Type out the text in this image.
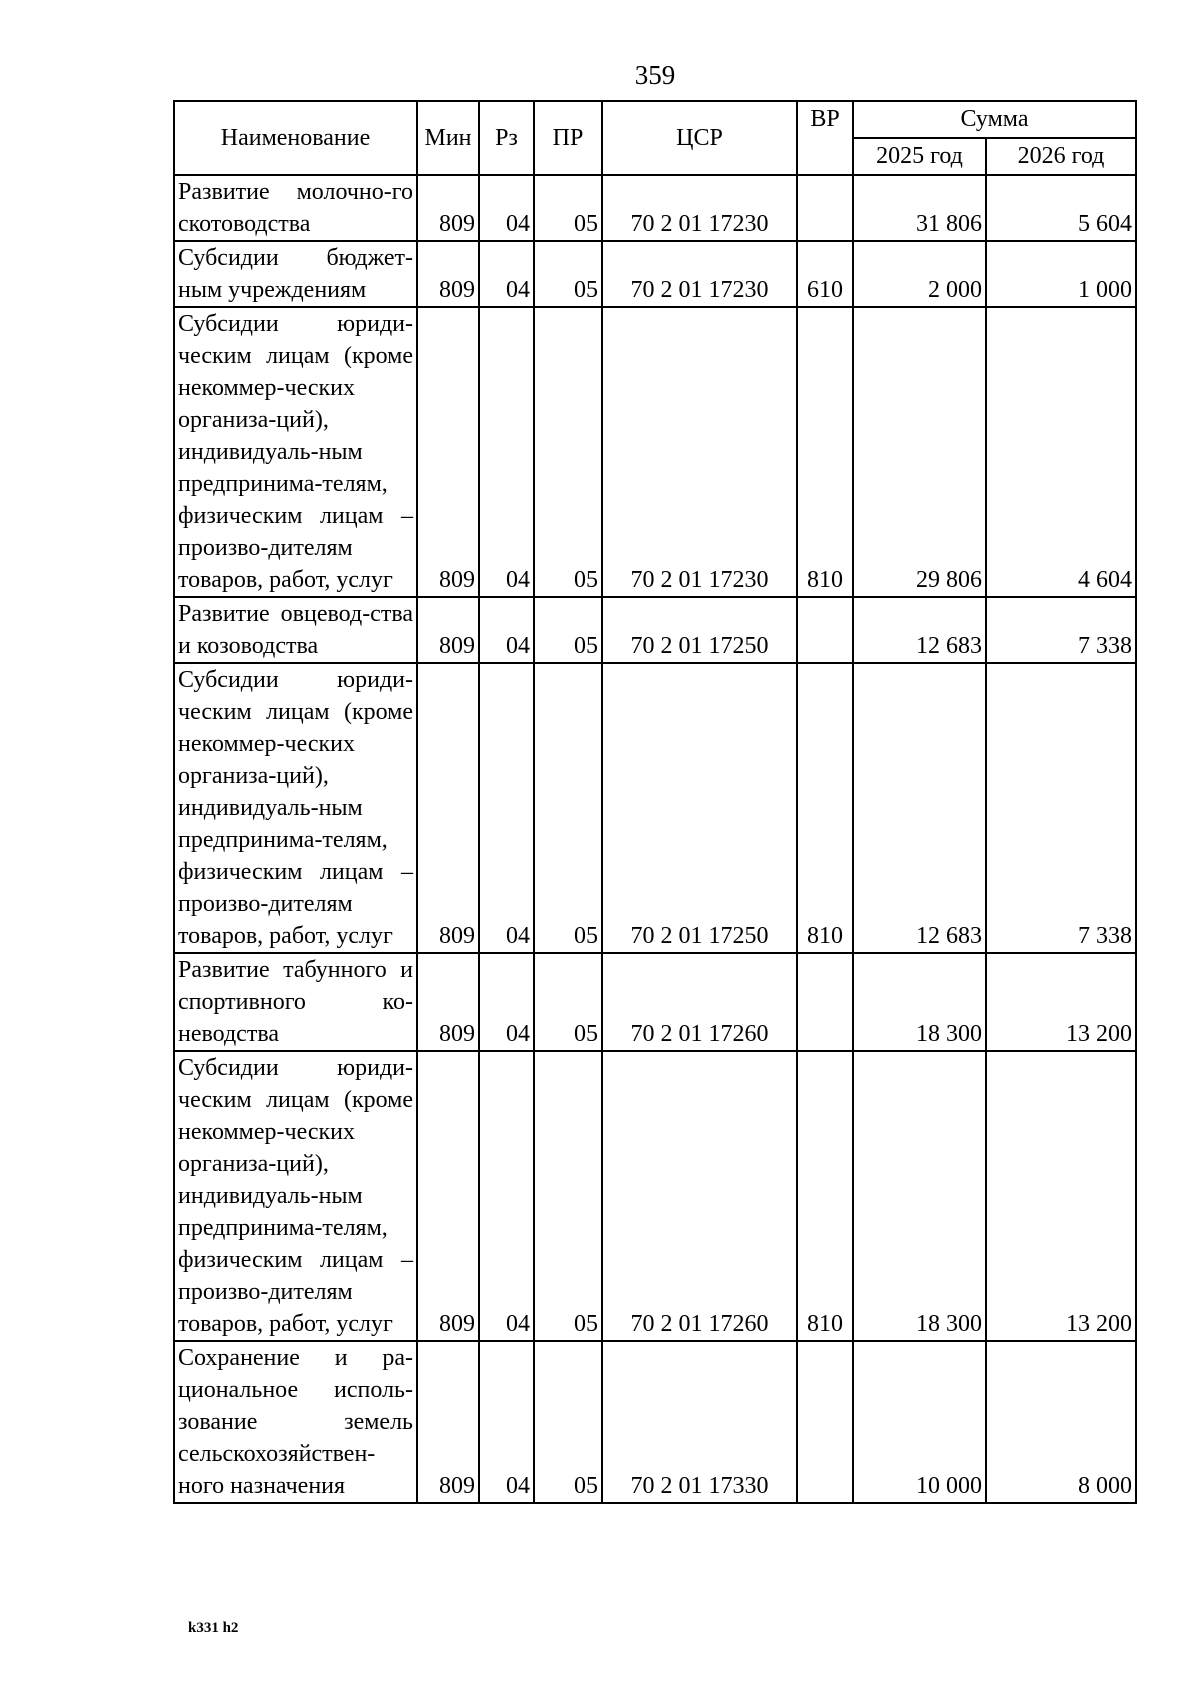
359
Наименование	Мин	Рз	ПР	ЦСР	ВР	Сумма	
						2025 год	2026 год
Развитие молочно-го скотоводства	809	04	05	70 2 01 17230		31 806	5 604
Субсидии бюджет-ным учреждениям	809	04	05	70 2 01 17230	610	2 000	1 000
Субсидии юриди-ческим лицам (кроме некоммер-ческих организа-ций), индивидуаль-ным предпринима-телям, физическим лицам – произво-дителям товаров, работ, услуг	809	04	05	70 2 01 17230	810	29 806	4 604
Развитие овцевод-ства и козоводства	809	04	05	70 2 01 17250		12 683	7 338
Субсидии юриди-ческим лицам (кроме некоммер-ческих организа-ций), индивидуаль-ным предпринима-телям, физическим лицам – произво-дителям товаров, работ, услуг	809	04	05	70 2 01 17250	810	12 683	7 338
Развитие табунного и спортивного ко-неводства	809	04	05	70 2 01 17260		18 300	13 200
Субсидии юриди-ческим лицам (кроме некоммер-ческих организа-ций), индивидуаль-ным предпринима-телям, физическим лицам – произво-дителям товаров, работ, услуг	809	04	05	70 2 01 17260	810	18 300	13 200
Сохранение и ра-циональное исполь-зование земель сельскохозяйствен-ного назначения	809	04	05	70 2 01 17330		10 000	8 000
k331 h2
